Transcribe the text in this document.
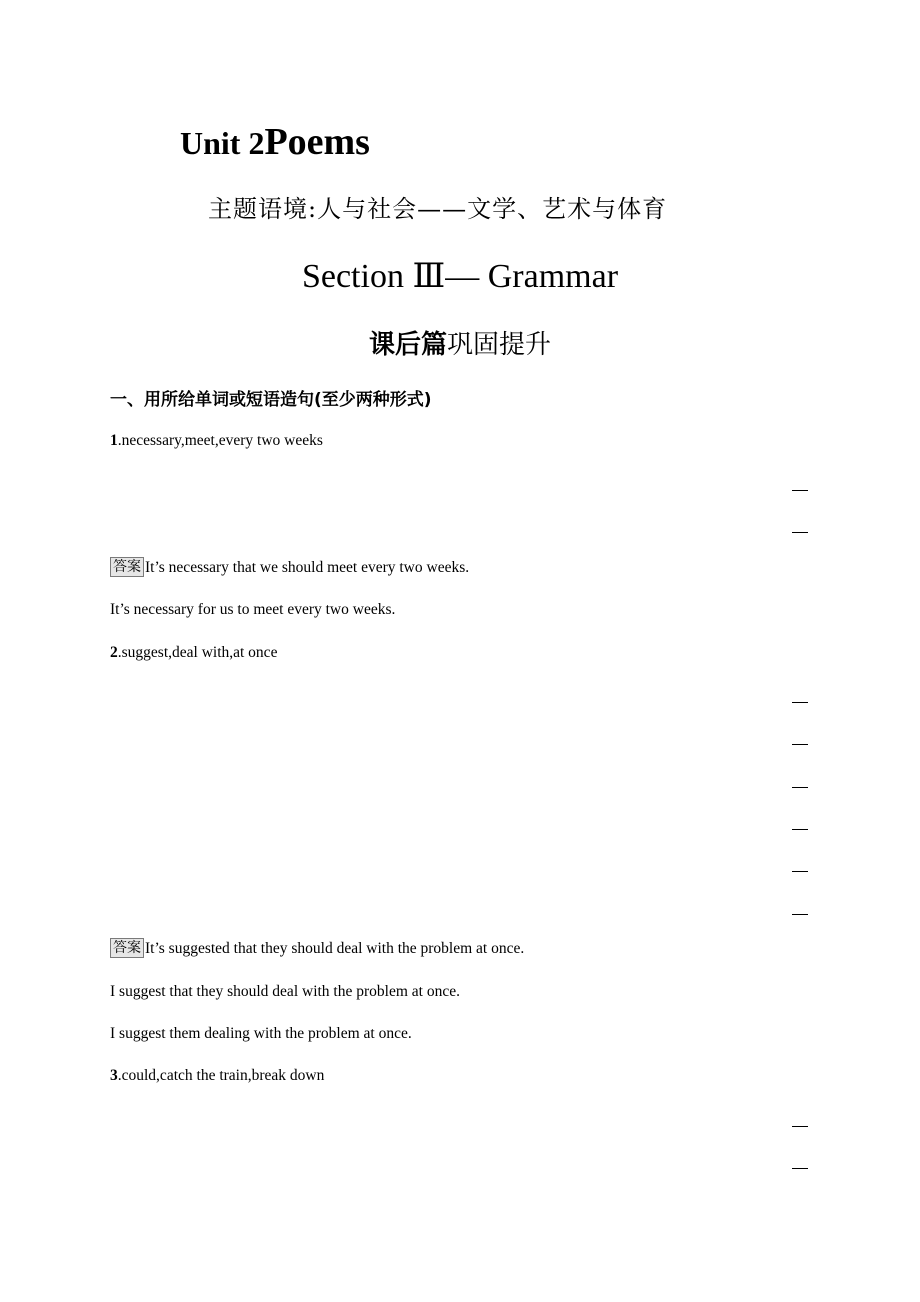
Unit 2Poems
主题语境:人与社会——文学、艺术与体育
Section Ⅲ— Grammar
课后篇巩固提升
一、用所给单词或短语造句(至少两种形式)
1.necessary,meet,every two weeks
答案 It’s necessary that we should meet every two weeks.
It’s necessary for us to meet every two weeks.
2.suggest,deal with,at once
答案 It’s suggested that they should deal with the problem at once.
I suggest that they should deal with the problem at once.
I suggest them dealing with the problem at once.
3.could,catch the train,break down
